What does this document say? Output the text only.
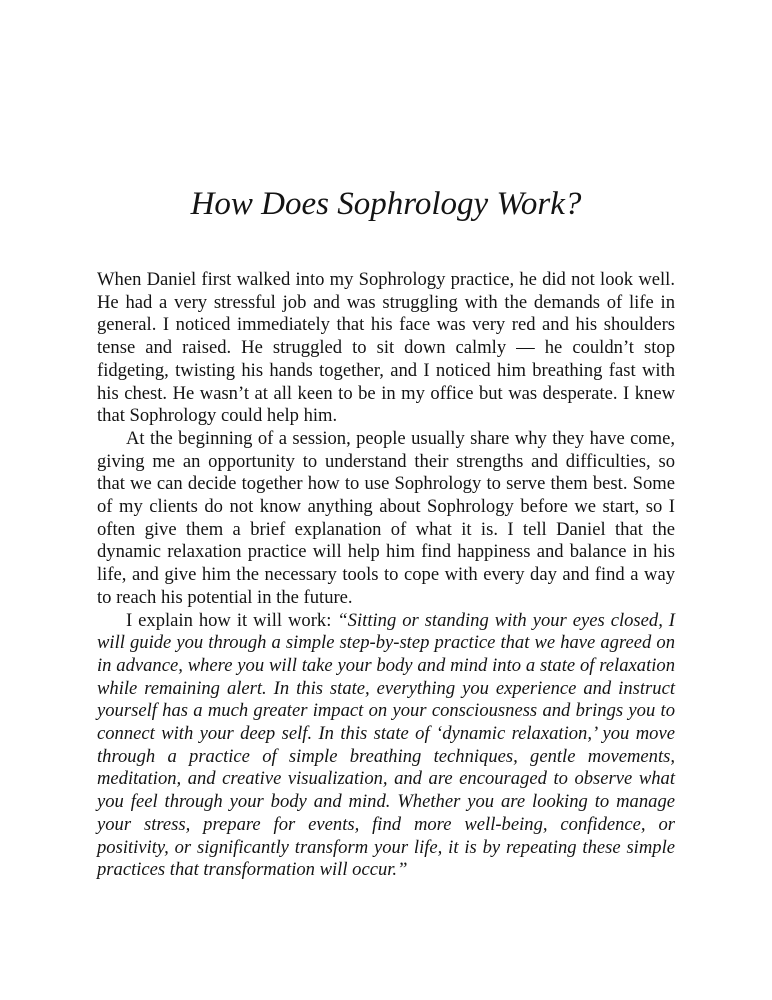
How Does Sophrology Work?

When Daniel first walked into my Sophrology practice, he did not look well. He had a very stressful job and was struggling with the demands of life in general. I noticed immediately that his face was very red and his shoulders tense and raised. He struggled to sit down calmly — he couldn’t stop fidgeting, twisting his hands together, and I noticed him breathing fast with his chest. He wasn’t at all keen to be in my office but was desperate. I knew that Sophrology could help him.

At the beginning of a session, people usually share why they have come, giving me an opportunity to understand their strengths and difficulties, so that we can decide together how to use Sophrology to serve them best. Some of my clients do not know anything about Sophrology before we start, so I often give them a brief explanation of what it is. I tell Daniel that the dynamic relaxation practice will help him find happiness and balance in his life, and give him the necessary tools to cope with every day and find a way to reach his potential in the future.

I explain how it will work: “Sitting or standing with your eyes closed, I will guide you through a simple step-by-step practice that we have agreed on in advance, where you will take your body and mind into a state of relaxation while remaining alert. In this state, everything you experience and instruct yourself has a much greater impact on your consciousness and brings you to connect with your deep self. In this state of ‘dynamic relaxation,’ you move through a practice of simple breathing techniques, gentle movements, meditation, and creative visualization, and are encouraged to observe what you feel through your body and mind. Whether you are looking to manage your stress, prepare for events, find more well-being, confidence, or positivity, or significantly transform your life, it is by repeating these simple practices that transformation will occur.”
